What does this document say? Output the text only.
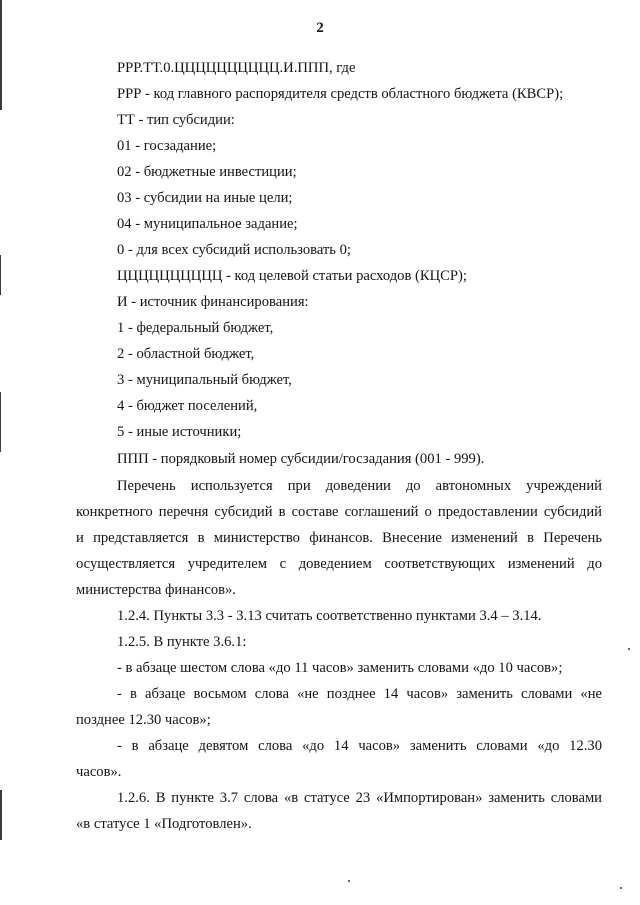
2
РРР.ТТ.0.ЦЦЦЦЦЦЦЦЦЦ.И.ППП, где
РРР - код главного распорядителя средств областного бюджета (КВСР);
ТТ - тип субсидии:
01 - госзадание;
02 - бюджетные инвестиции;
03 - субсидии на иные цели;
04 - муниципальное задание;
0 - для всех субсидий использовать 0;
ЦЦЦЦЦЦЦЦЦЦ - код целевой статьи расходов (КЦСР);
И - источник финансирования:
1 - федеральный бюджет,
2 - областной бюджет,
3 - муниципальный бюджет,
4 - бюджет поселений,
5 - иные источники;
ППП - порядковый номер субсидии/госзадания (001 - 999).
Перечень используется при доведении до автономных учреждений
конкретного перечня субсидий в составе соглашений о предоставлении субсидий
и представляется в министерство финансов. Внесение изменений в Перечень
осуществляется учредителем с доведением соответствующих изменений до
министерства финансов».
1.2.4. Пункты 3.3 - 3.13 считать соответственно пунктами 3.4 – 3.14.
1.2.5. В пункте 3.6.1:
- в абзаце шестом слова «до 11 часов» заменить словами «до 10 часов»;
- в абзаце восьмом слова «не позднее 14 часов» заменить словами «не
позднее 12.30 часов»;
- в абзаце девятом слова «до 14 часов» заменить словами «до 12.30
часов».
1.2.6. В пункте 3.7 слова «в статусе 23 «Импортирован» заменить словами
«в статусе 1 «Подготовлен».
